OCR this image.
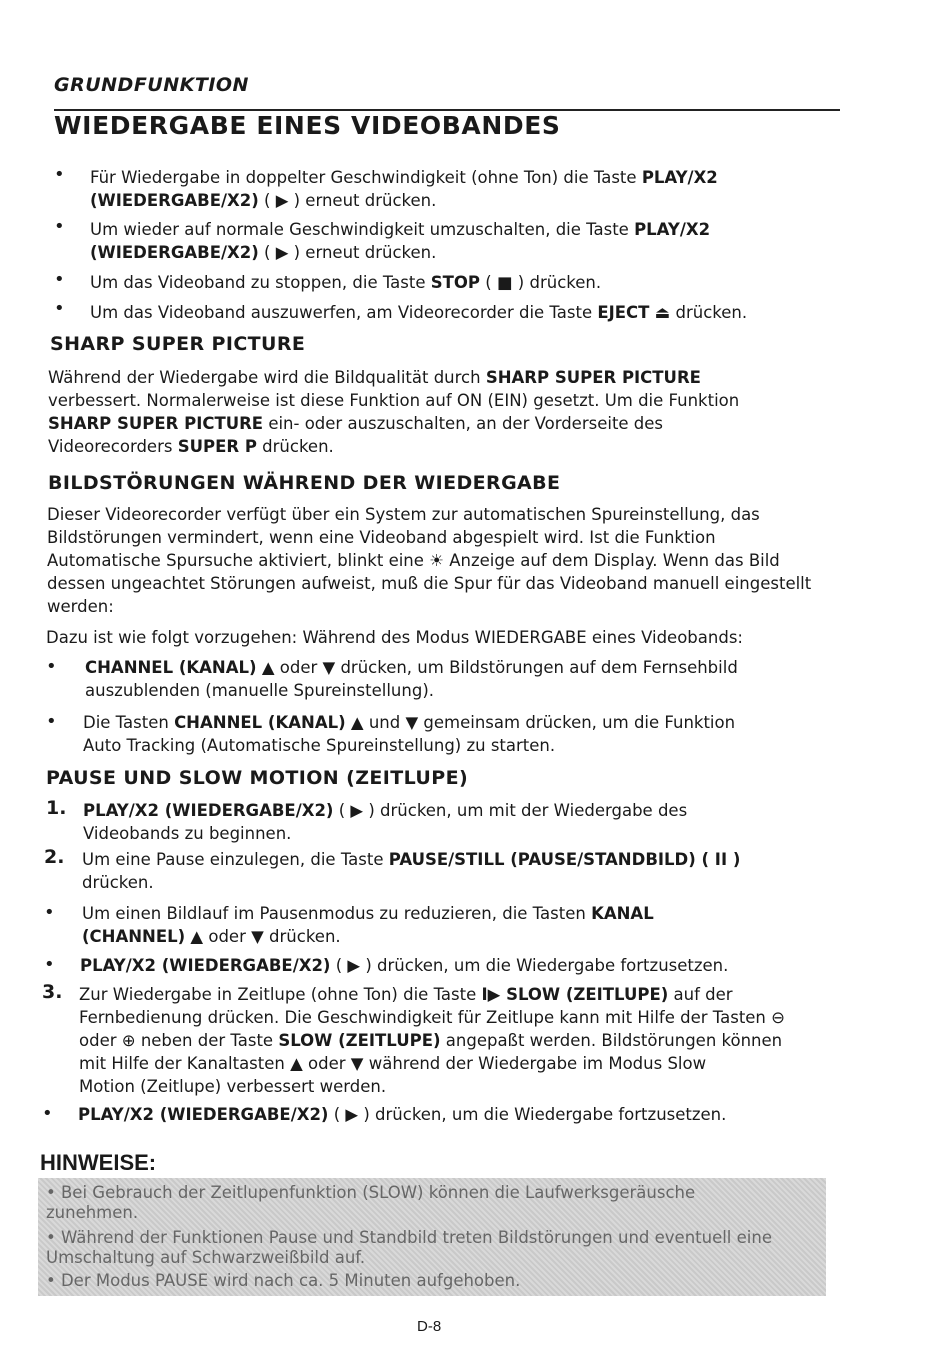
GRUNDFUNKTION
WIEDERGABE EINES VIDEOBANDES
• Für Wiedergabe in doppelter Geschwindigkeit (ohne Ton) die Taste PLAY/X2
(WIEDERGABE/X2) ( ▶ ) erneut drücken.

• Um wieder auf normale Geschwindigkeit umzuschalten, die Taste PLAY/X2
(WIEDERGABE/X2) ( ▶ ) erneut drücken.

• Um das Videoband zu stoppen, die Taste STOP ( ■ ) drücken.

• Um das Videoband auszuwerfen, am Videorecorder die Taste EJECT ⏏ drücken.

SHARP SUPER PICTURE

Während der Wiedergabe wird die Bildqualität durch SHARP SUPER PICTURE
verbessert. Normalerweise ist diese Funktion auf ON (EIN) gesetzt. Um die Funktion
SHARP SUPER PICTURE ein- oder auszuschalten, an der Vorderseite des
Videorecorders SUPER P drücken.

BILDSTÖRUNGEN WÄHREND DER WIEDERGABE

Dieser Videorecorder verfügt über ein System zur automatischen Spureinstellung, das
Bildstörungen vermindert, wenn eine Videoband abgespielt wird. Ist die Funktion
Automatische Spursuche aktiviert, blinkt eine ☀ Anzeige auf dem Display. Wenn das Bild
dessen ungeachtet Störungen aufweist, muß die Spur für das Videoband manuell eingestellt
werden:

Dazu ist wie folgt vorzugehen: Während des Modus WIEDERGABE eines Videobands:

• CHANNEL (KANAL) ▲ oder ▼ drücken, um Bildstörungen auf dem Fernsehbild
auszublenden (manuelle Spureinstellung).

• Die Tasten CHANNEL (KANAL) ▲ und ▼ gemeinsam drücken, um die Funktion
Auto Tracking (Automatische Spureinstellung) zu starten.

PAUSE UND SLOW MOTION (ZEITLUPE)
1. PLAY/X2 (WIEDERGABE/X2) ( ▶ ) drücken, um mit der Wiedergabe des
Videobands zu beginnen.

2. Um eine Pause einzulegen, die Taste PAUSE/STILL (PAUSE/STANDBILD) ( II )
drücken.

• Um einen Bildlauf im Pausenmodus zu reduzieren, die Tasten KANAL
(CHANNEL) ▲ oder ▼ drücken.

• PLAY/X2 (WIEDERGABE/X2) ( ▶ ) drücken, um die Wiedergabe fortzusetzen.

3. Zur Wiedergabe in Zeitlupe (ohne Ton) die Taste I▶ SLOW (ZEITLUPE) auf der
Fernbedienung drücken. Die Geschwindigkeit für Zeitlupe kann mit Hilfe der Tasten ⊖
oder ⊕ neben der Taste SLOW (ZEITLUPE) angepaßt werden. Bildstörungen können
mit Hilfe der Kanaltasten ▲ oder ▼ während der Wiedergabe im Modus Slow
Motion (Zeitlupe) verbessert werden.

• PLAY/X2 (WIEDERGABE/X2) ( ▶ ) drücken, um die Wiedergabe fortzusetzen.

HINWEISE:
• Bei Gebrauch der Zeitlupenfunktion (SLOW) können die Laufwerksgeräusche
zunehmen.
• Während der Funktionen Pause und Standbild treten Bildstörungen und eventuell eine
Umschaltung auf Schwarzweißbild auf.
• Der Modus PAUSE wird nach ca. 5 Minuten aufgehoben.
D-8
